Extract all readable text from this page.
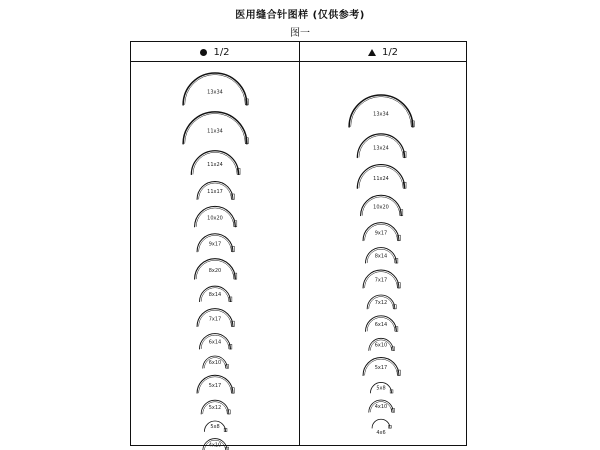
医用缝合针图样 (仅供参考)
图一
1/2	1/2
13x34
11x34
11x24
11x17
10x20
9x17
8x20
8x14
7x17
6x14
6x10
5x17
5x12
5x8
4x10
13x34
13x24
11x24
10x20
9x17
8x14
7x17
7x12
6x14
6x10
5x17
5x8
4x10
4x6
